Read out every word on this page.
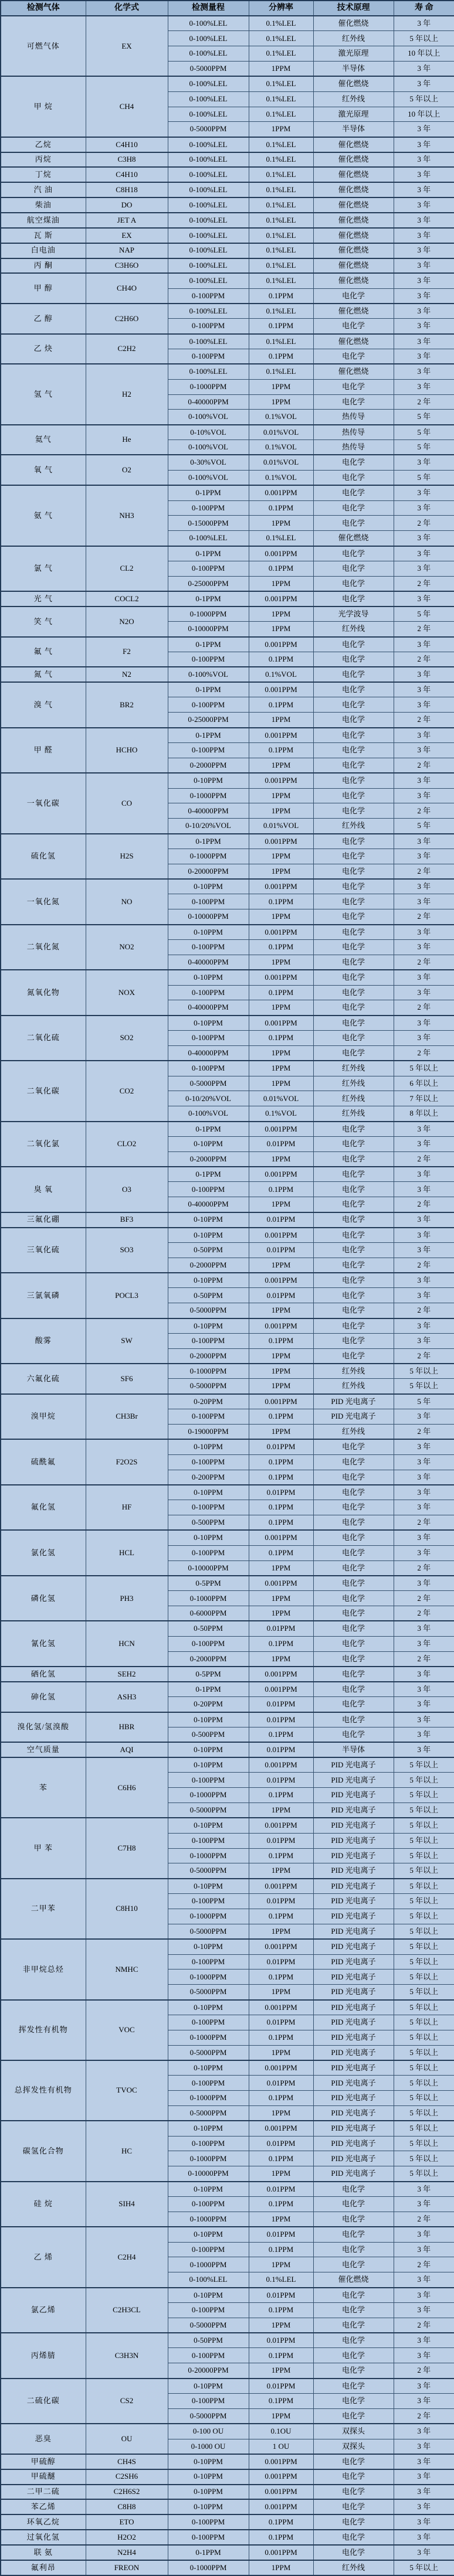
检测气体	化学式	检测量程	分辨率	技术原理	寿 命
可燃气体	EX	0-100%LEL	0.1%LEL	催化燃烧	3 年
		0-100%LEL	0.1%LEL	红外线	5 年以上
		0-100%LEL	0.1%LEL	激光原理	10 年以上
		0-5000PPM	1PPM	半导体	3 年
甲 烷	CH4	0-100%LEL	0.1%LEL	催化燃烧	3 年
		0-100%LEL	0.1%LEL	红外线	5 年以上
		0-100%LEL	0.1%LEL	激光原理	10 年以上
		0-5000PPM	1PPM	半导体	3 年
乙烷	C4H10	0-100%LEL	0.1%LEL	催化燃烧	3 年
丙烷	C3H8	0-100%LEL	0.1%LEL	催化燃烧	3 年
丁烷	C4H10	0-100%LEL	0.1%LEL	催化燃烧	3 年
汽 油	C8H18	0-100%LEL	0.1%LEL	催化燃烧	3 年
柴油	DO	0-100%LEL	0.1%LEL	催化燃烧	3 年
航空煤油	JET A	0-100%LEL	0.1%LEL	催化燃烧	3 年
瓦 斯	EX	0-100%LEL	0.1%LEL	催化燃烧	3 年
白电油	NAP	0-100%LEL	0.1%LEL	催化燃烧	3 年
丙 酮	C3H6O	0-100%LEL	0.1%LEL	催化燃烧	3 年
甲 醇	CH4O	0-100%LEL	0.1%LEL	催化燃烧	3 年
		0-100PPM	0.1PPM	电化学	3 年
乙 醇	C2H6O	0-100%LEL	0.1%LEL	催化燃烧	3 年
		0-100PPM	0.1PPM	电化学	3 年
乙 炔	C2H2	0-100%LEL	0.1%LEL	催化燃烧	3 年
		0-100PPM	0.1PPM	电化学	3 年
氢 气	H2	0-100%LEL	0.1%LEL	催化燃烧	3 年
		0-1000PPM	1PPM	电化学	3 年
		0-40000PPM	1PPM	电化学	2 年
		0-100%VOL	0.1%VOL	热传导	5 年
氦气	He	0-10%VOL	0.01%VOL	热传导	5 年
		0-100%VOL	0.1%VOL	热传导	5 年
氧 气	O2	0-30%VOL	0.01%VOL	电化学	3 年
		0-100%VOL	0.1%VOL	电化学	5 年
氨 气	NH3	0-1PPM	0.001PPM	电化学	3 年
		0-100PPM	0.1PPM	电化学	3 年
		0-15000PPM	1PPM	电化学	2 年
		0-100%LEL	0.1%LEL	催化燃烧	3 年
氯 气	CL2	0-1PPM	0.001PPM	电化学	3 年
		0-100PPM	0.1PPM	电化学	3 年
		0-25000PPM	1PPM	电化学	2 年
光 气	COCL2	0-1PPM	0.001PPM	电化学	3 年
笑 气	N2O	0-1000PPM	1PPM	光学波导	5 年
		0-10000PPM	1PPM	红外线	2 年
氟 气	F2	0-1PPM	0.001PPM	电化学	3 年
		0-100PPM	0.1PPM	电化学	2 年
氮 气	N2	0-100%VOL	0.1%VOL	电化学	3 年
溴 气	BR2	0-1PPM	0.001PPM	电化学	3 年
		0-100PPM	0.1PPM	电化学	3 年
		0-25000PPM	1PPM	电化学	2 年
甲 醛	HCHO	0-1PPM	0.001PPM	电化学	3 年
		0-100PPM	0.1PPM	电化学	3 年
		0-2000PPM	1PPM	电化学	2 年
一氧化碳	CO	0-10PPM	0.001PPM	电化学	3 年
		0-1000PPM	1PPM	电化学	3 年
		0-40000PPM	1PPM	电化学	2 年
		0-10/20%VOL	0.01%VOL	红外线	5 年
硫化氢	H2S	0-1PPM	0.001PPM	电化学	3 年
		0-1000PPM	1PPM	电化学	3 年
		0-20000PPM	1PPM	电化学	2 年
一氧化氮	NO	0-10PPM	0.001PPM	电化学	3 年
		0-100PPM	0.1PPM	电化学	3 年
		0-10000PPM	1PPM	电化学	2 年
二氧化氮	NO2	0-10PPM	0.001PPM	电化学	3 年
		0-100PPM	0.1PPM	电化学	3 年
		0-40000PPM	1PPM	电化学	2 年
氮氧化物	NOX	0-10PPM	0.001PPM	电化学	3 年
		0-100PPM	0.1PPM	电化学	3 年
		0-40000PPM	1PPM	电化学	2 年
二氧化硫	SO2	0-10PPM	0.001PPM	电化学	3 年
		0-100PPM	0.1PPM	电化学	3 年
		0-40000PPM	1PPM	电化学	2 年
二氧化碳	CO2	0-100PPM	1PPM	红外线	5 年以上
		0-5000PPM	1PPM	红外线	6 年以上
		0-10/20%VOL	0.01%VOL	红外线	7 年以上
		0-100%VOL	0.1%VOL	红外线	8 年以上
二氧化氯	CLO2	0-1PPM	0.001PPM	电化学	3 年
		0-10PPM	0.01PPM	电化学	3 年
		0-2000PPM	1PPM	电化学	2 年
臭 氧	O3	0-1PPM	0.001PPM	电化学	3 年
		0-100PPM	0.1PPM	电化学	3 年
		0-40000PPM	1PPM	电化学	2 年
三氟化硼	BF3	0-10PPM	0.01PPM	电化学	3 年
三氧化硫	SO3	0-10PPM	0.001PPM	电化学	3 年
		0-50PPM	0.01PPM	电化学	3 年
		0-2000PPM	1PPM	电化学	2 年
三氯氧磷	POCL3	0-10PPM	0.001PPM	电化学	3 年
		0-50PPM	0.01PPM	电化学	3 年
		0-5000PPM	1PPM	电化学	2 年
酸雾	SW	0-10PPM	0.001PPM	电化学	3 年
		0-100PPM	0.1PPM	电化学	3 年
		0-2000PPM	1PPM	电化学	2 年
六氟化硫	SF6	0-1000PPM	1PPM	红外线	5 年以上
		0-5000PPM	1PPM	红外线	5 年以上
溴甲烷	CH3Br	0-20PPM	0.001PPM	PID 光电离子	5 年
		0-100PPM	0.1PPM	PID 光电离子	3 年
		0-19000PPM	1PPM	红外线	2 年
硫酰氟	F2O2S	0-10PPM	0.01PPM	电化学	3 年
		0-100PPM	0.1PPM	电化学	3 年
		0-200PPM	0.1PPM	电化学	3 年
氟化氢	HF	0-10PPM	0.01PPM	电化学	3 年
		0-100PPM	0.1PPM	电化学	3 年
		0-500PPM	0.1PPM	电化学	2 年
氯化氢	HCL	0-10PPM	0.001PPM	电化学	3 年
		0-100PPM	0.1PPM	电化学	3 年
		0-10000PPM	1PPM	电化学	2 年
磷化氢	PH3	0-5PPM	0.001PPM	电化学	3 年
		0-1000PPM	1PPM	电化学	2 年
		0-6000PPM	1PPM	电化学	2 年
氰化氢	HCN	0-50PPM	0.01PPM	电化学	3 年
		0-100PPM	0.1PPM	电化学	3 年
		0-2000PPM	1PPM	电化学	2 年
硒化氢	SEH2	0-5PPM	0.001PPM	电化学	3 年
砷化氢	ASH3	0-1PPM	0.001PPM	电化学	3 年
		0-20PPM	0.01PPM	电化学	3 年
溴化氢/氢溴酸	HBR	0-10PPM	0.01PPM	电化学	3 年
		0-500PPM	0.1PPM	电化学	3 年
空气质量	AQI	0-10PPM	0.01PPM	半导体	3 年
苯	C6H6	0-10PPM	0.001PPM	PID 光电离子	5 年以上
		0-100PPM	0.01PPM	PID 光电离子	5 年以上
		0-1000PPM	0.1PPM	PID 光电离子	5 年以上
		0-5000PPM	1PPM	PID 光电离子	5 年以上
甲 苯	C7H8	0-10PPM	0.001PPM	PID 光电离子	5 年以上
		0-100PPM	0.01PPM	PID 光电离子	5 年以上
		0-1000PPM	0.1PPM	PID 光电离子	5 年以上
		0-5000PPM	1PPM	PID 光电离子	5 年以上
二甲苯	C8H10	0-10PPM	0.001PPM	PID 光电离子	5 年以上
		0-100PPM	0.01PPM	PID 光电离子	5 年以上
		0-1000PPM	0.1PPM	PID 光电离子	5 年以上
		0-5000PPM	1PPM	PID 光电离子	5 年以上
非甲烷总烃	NMHC	0-10PPM	0.001PPM	PID 光电离子	5 年以上
		0-100PPM	0.01PPM	PID 光电离子	5 年以上
		0-1000PPM	0.1PPM	PID 光电离子	5 年以上
		0-5000PPM	1PPM	PID 光电离子	5 年以上
挥发性有机物	VOC	0-10PPM	0.001PPM	PID 光电离子	5 年以上
		0-100PPM	0.01PPM	PID 光电离子	5 年以上
		0-1000PPM	0.1PPM	PID 光电离子	5 年以上
		0-5000PPM	1PPM	PID 光电离子	5 年以上
总挥发性有机物	TVOC	0-10PPM	0.001PPM	PID 光电离子	5 年以上
		0-100PPM	0.01PPM	PID 光电离子	5 年以上
		0-1000PPM	0.1PPM	PID 光电离子	5 年以上
		0-5000PPM	1PPM	PID 光电离子	5 年以上
碳氢化合物	HC	0-10PPM	0.001PPM	PID 光电离子	5 年以上
		0-100PPM	0.01PPM	PID 光电离子	5 年以上
		0-1000PPM	0.1PPM	PID 光电离子	5 年以上
		0-10000PPM	1PPM	PID 光电离子	5 年以上
硅 烷	SIH4	0-10PPM	0.01PPM	电化学	3 年
		0-100PPM	0.1PPM	电化学	3 年
		0-1000PPM	1PPM	电化学	2 年
乙 烯	C2H4	0-10PPM	0.01PPM	电化学	3 年
		0-100PPM	0.1PPM	电化学	3 年
		0-1000PPM	1PPM	电化学	2 年
		0-100%LEL	0.1%LEL	催化燃烧	3 年
氯乙烯	C2H3CL	0-10PPM	0.01PPM	电化学	3 年
		0-100PPM	0.1PPM	电化学	3 年
		0-5000PPM	1PPM	电化学	2 年
丙烯腈	C3H3N	0-50PPM	0.01PPM	电化学	3 年
		0-100PPM	0.1PPM	电化学	3 年
		0-20000PPM	1PPM	电化学	2 年
二硫化碳	CS2	0-10PPM	0.01PPM	电化学	3 年
		0-100PPM	0.1PPM	电化学	3 年
		0-5000PPM	1PPM	电化学	2 年
恶臭	OU	0-100 OU	0.1OU	双探头	3 年
		0-1000 OU	1 OU	双探头	3 年
甲硫醇	CH4S	0-10PPM	0.001PPM	电化学	3 年
甲硫醚	C2SH6	0-10PPM	0.001PPM	电化学	3 年
二甲二硫	C2H6S2	0-10PPM	0.001PPM	电化学	3 年
苯乙烯	C8H8	0-10PPM	0.001PPM	电化学	3 年
环氧乙烷	ETO	0-100PPM	0.1PPM	电化学	3 年
过氧化氢	H2O2	0-100PPM	0.1PPM	电化学	3 年
联 氨	N2H4	0-1PPM	0.001PPM	电化学	3 年
氟利昂	FREON	0-1000PPM	1PPM	红外线	5 年以上
